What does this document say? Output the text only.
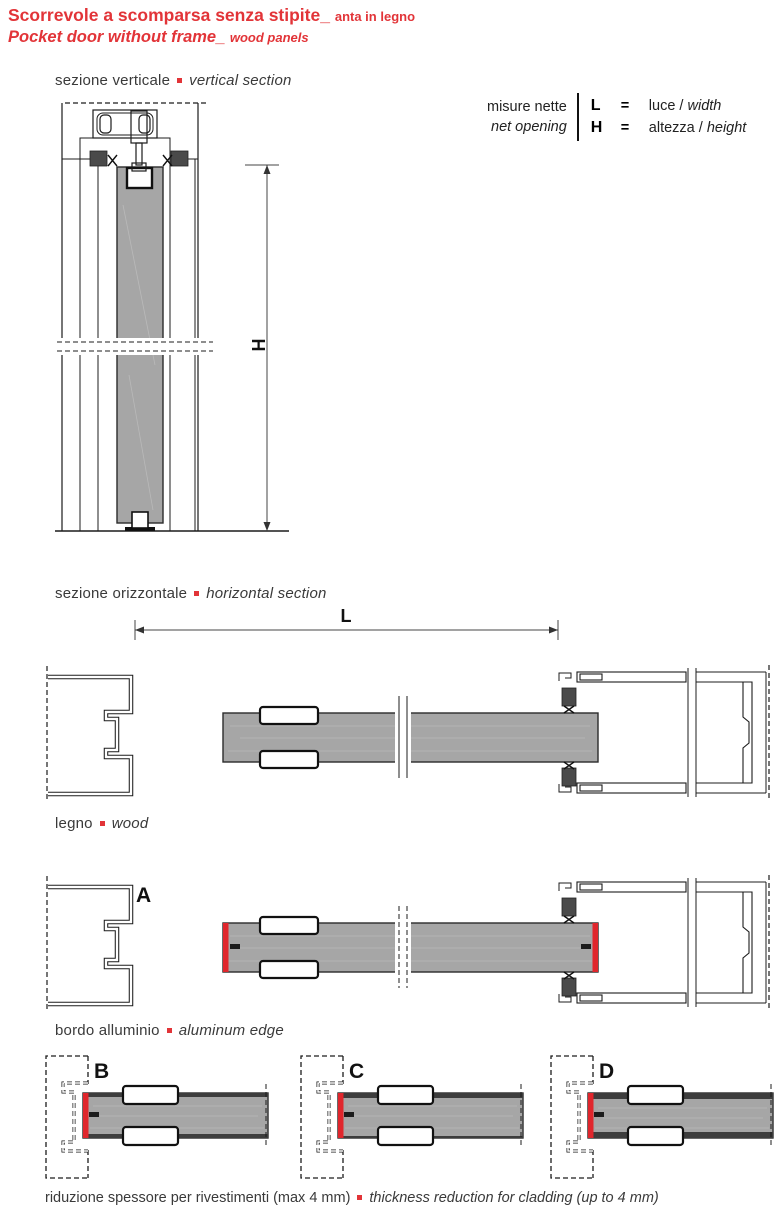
Scorrevole a scomparsa senza stipite_ anta in legno
Pocket door without frame_ wood panels
sezione verticale vertical section
misure nette
net opening
L = luce / width
H = altezza / height
H
sezione orizzontale horizontal section
L
legno wood
A
bordo alluminio aluminum edge
B	C	D
riduzione spessore per rivestimenti (max 4 mm) thickness reduction for cladding (up to 4 mm)
